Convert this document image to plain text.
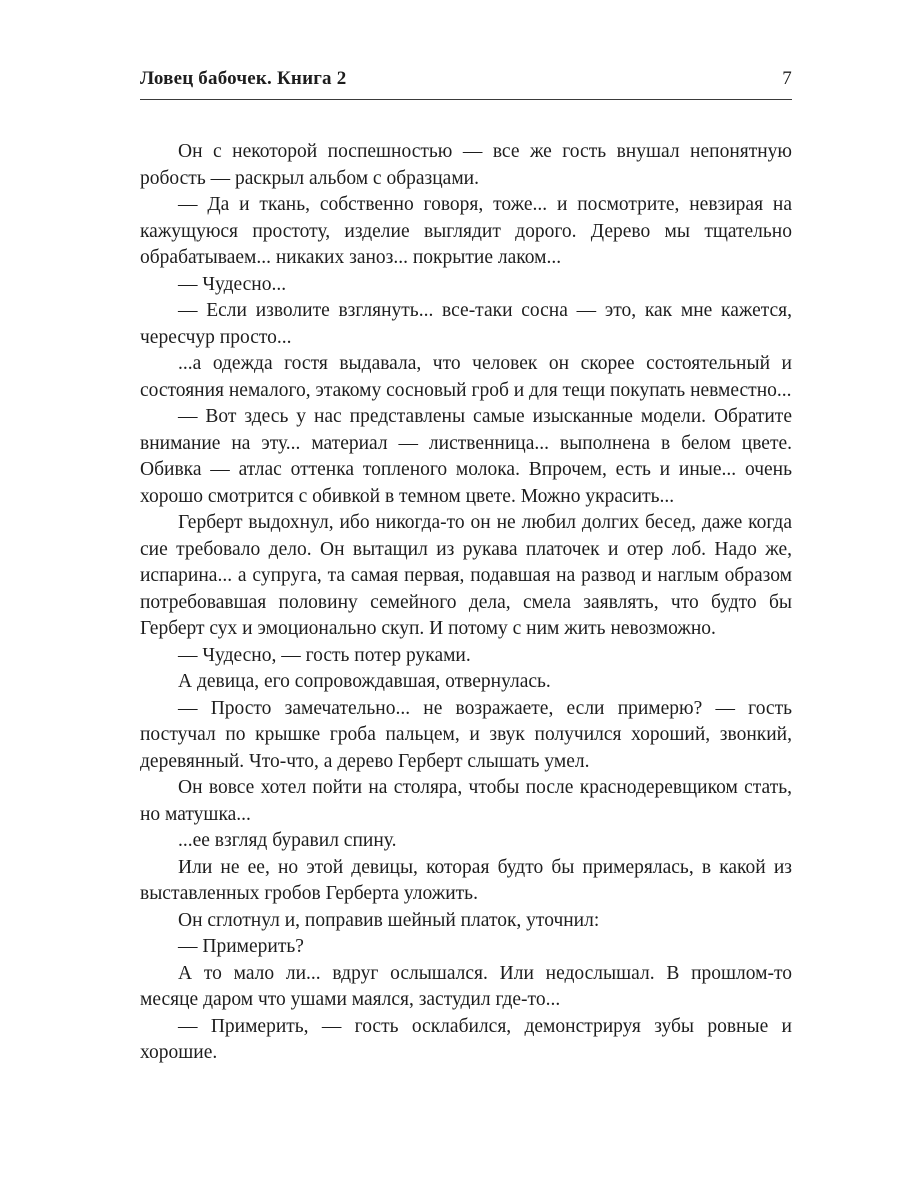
Ловец бабочек. Книга 2	7

Он с некоторой поспешностью — все же гость внушал непонятную робость — раскрыл альбом с образцами.

— Да и ткань, собственно говоря, тоже... и посмотрите, невзирая на кажущуюся простоту, изделие выглядит дорого. Дерево мы тщательно обрабатываем... никаких заноз... покрытие лаком...

— Чудесно...

— Если изволите взглянуть... все-таки сосна — это, как мне кажется, чересчур просто...

...а одежда гостя выдавала, что человек он скорее состоятельный и состояния немалого, этакому сосновый гроб и для тещи покупать невместно...

— Вот здесь у нас представлены самые изысканные модели. Обратите внимание на эту... материал — лиственница... выполнена в белом цвете. Обивка — атлас оттенка топленого молока. Впрочем, есть и иные... очень хорошо смотрится с обивкой в темном цвете. Можно украсить...

Герберт выдохнул, ибо никогда-то он не любил долгих бесед, даже когда сие требовало дело. Он вытащил из рукава платочек и отер лоб. Надо же, испарина... а супруга, та самая первая, подавшая на развод и наглым образом потребовавшая половину семейного дела, смела заявлять, что будто бы Герберт сух и эмоционально скуп. И потому с ним жить невозможно.

— Чудесно, — гость потер руками.

А девица, его сопровождавшая, отвернулась.

— Просто замечательно... не возражаете, если примерю? — гость постучал по крышке гроба пальцем, и звук получился хороший, звонкий, деревянный. Что-что, а дерево Герберт слышать умел.

Он вовсе хотел пойти на столяра, чтобы после краснодеревщиком стать, но матушка...

...ее взгляд буравил спину.

Или не ее, но этой девицы, которая будто бы примерялась, в какой из выставленных гробов Герберта уложить.

Он сглотнул и, поправив шейный платок, уточнил:

— Примерить?

А то мало ли... вдруг ослышался. Или недослышал. В прошлом-то месяце даром что ушами маялся, застудил где-то...

— Примерить, — гость осклабился, демонстрируя зубы ровные и хорошие.
